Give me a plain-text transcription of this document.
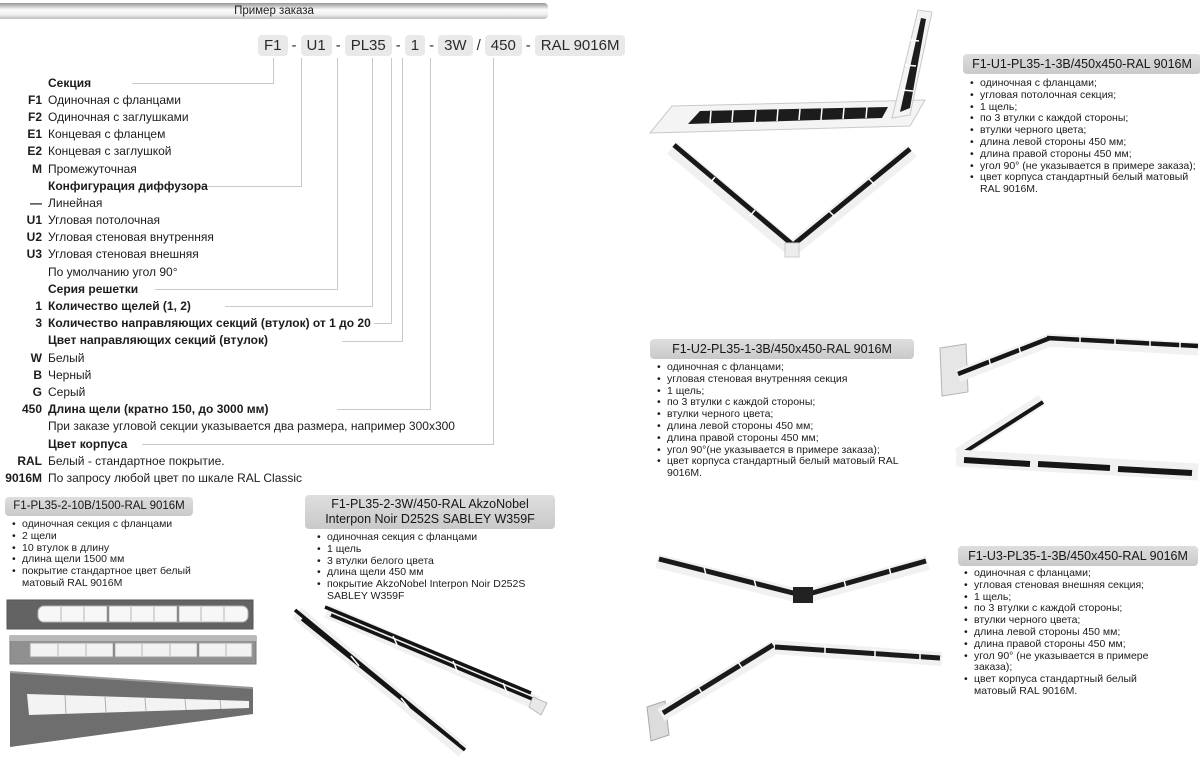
Пример заказа
F1 - U1 - PL35 - 1 - 3W / 450 - RAL 9016M
Секция
F1 Одиночная с фланцами
F2 Одиночная с заглушками
E1 Концевая с фланцем
E2 Концевая с заглушкой
M Промежуточная
Конфигурация диффузора
— Линейная
U1 Угловая потолочная
U2 Угловая стеновая внутренняя
U3 Угловая стеновая внешняя
По умолчанию угол 90°
Серия решетки
1 Количество щелей (1, 2)
3 Количество направляющих секций (втулок) от 1 до 20
Цвет направляющих секций (втулок)
W Белый
B Черный
G Серый
450 Длина щели (кратно 150, до 3000 мм)
При заказе угловой секции указывается два размера, например 300x300
Цвет корпуса
RAL Белый - стандартное покрытие.
9016M По запросу любой цвет по шкале RAL Classic
F1-U1-PL35-1-3B/450x450-RAL 9016M
• одиночная с фланцами;
• угловая потолочная секция;
• 1 щель;
• по 3 втулки с каждой стороны;
• втулки черного цвета;
• длина левой стороны 450 мм;
• длина правой стороны 450 мм;
• угол 90° (не указывается в примере заказа);
• цвет корпуса стандартный белый матовый RAL 9016M.
F1-U2-PL35-1-3B/450x450-RAL 9016M
• одиночная с фланцами;
• угловая стеновая внутренняя секция
• 1 щель;
• по 3 втулки с каждой стороны;
• втулки черного цвета;
• длина левой стороны 450 мм;
• длина правой стороны 450 мм;
• угол 90°(не указывается в примере заказа);
• цвет корпуса стандартный белый матовый RAL 9016M.
F1-U3-PL35-1-3B/450x450-RAL 9016M
• одиночная с фланцами;
• угловая стеновая внешняя секция;
• 1 щель;
• по 3 втулки с каждой стороны;
• втулки черного цвета;
• длина левой стороны 450 мм;
• длина правой стороны 450 мм;
• угол 90° (не указывается в примере заказа);
• цвет корпуса стандартный белый матовый RAL 9016M.
F1-PL35-2-10B/1500-RAL 9016M
• одиночная секция с фланцами
• 2 щели
• 10 втулок в длину
• длина щели 1500 мм
• покрытие стандартное цвет белый матовый RAL 9016M
F1-PL35-2-3W/450-RAL AkzoNobel Interpon Noir D252S SABLEY W359F
• одиночная секция с фланцами
• 1 щель
• 3 втулки белого цвета
• длина щели 450 мм
• покрытие AkzoNobel Interpon Noir D252S SABLEY W359F
